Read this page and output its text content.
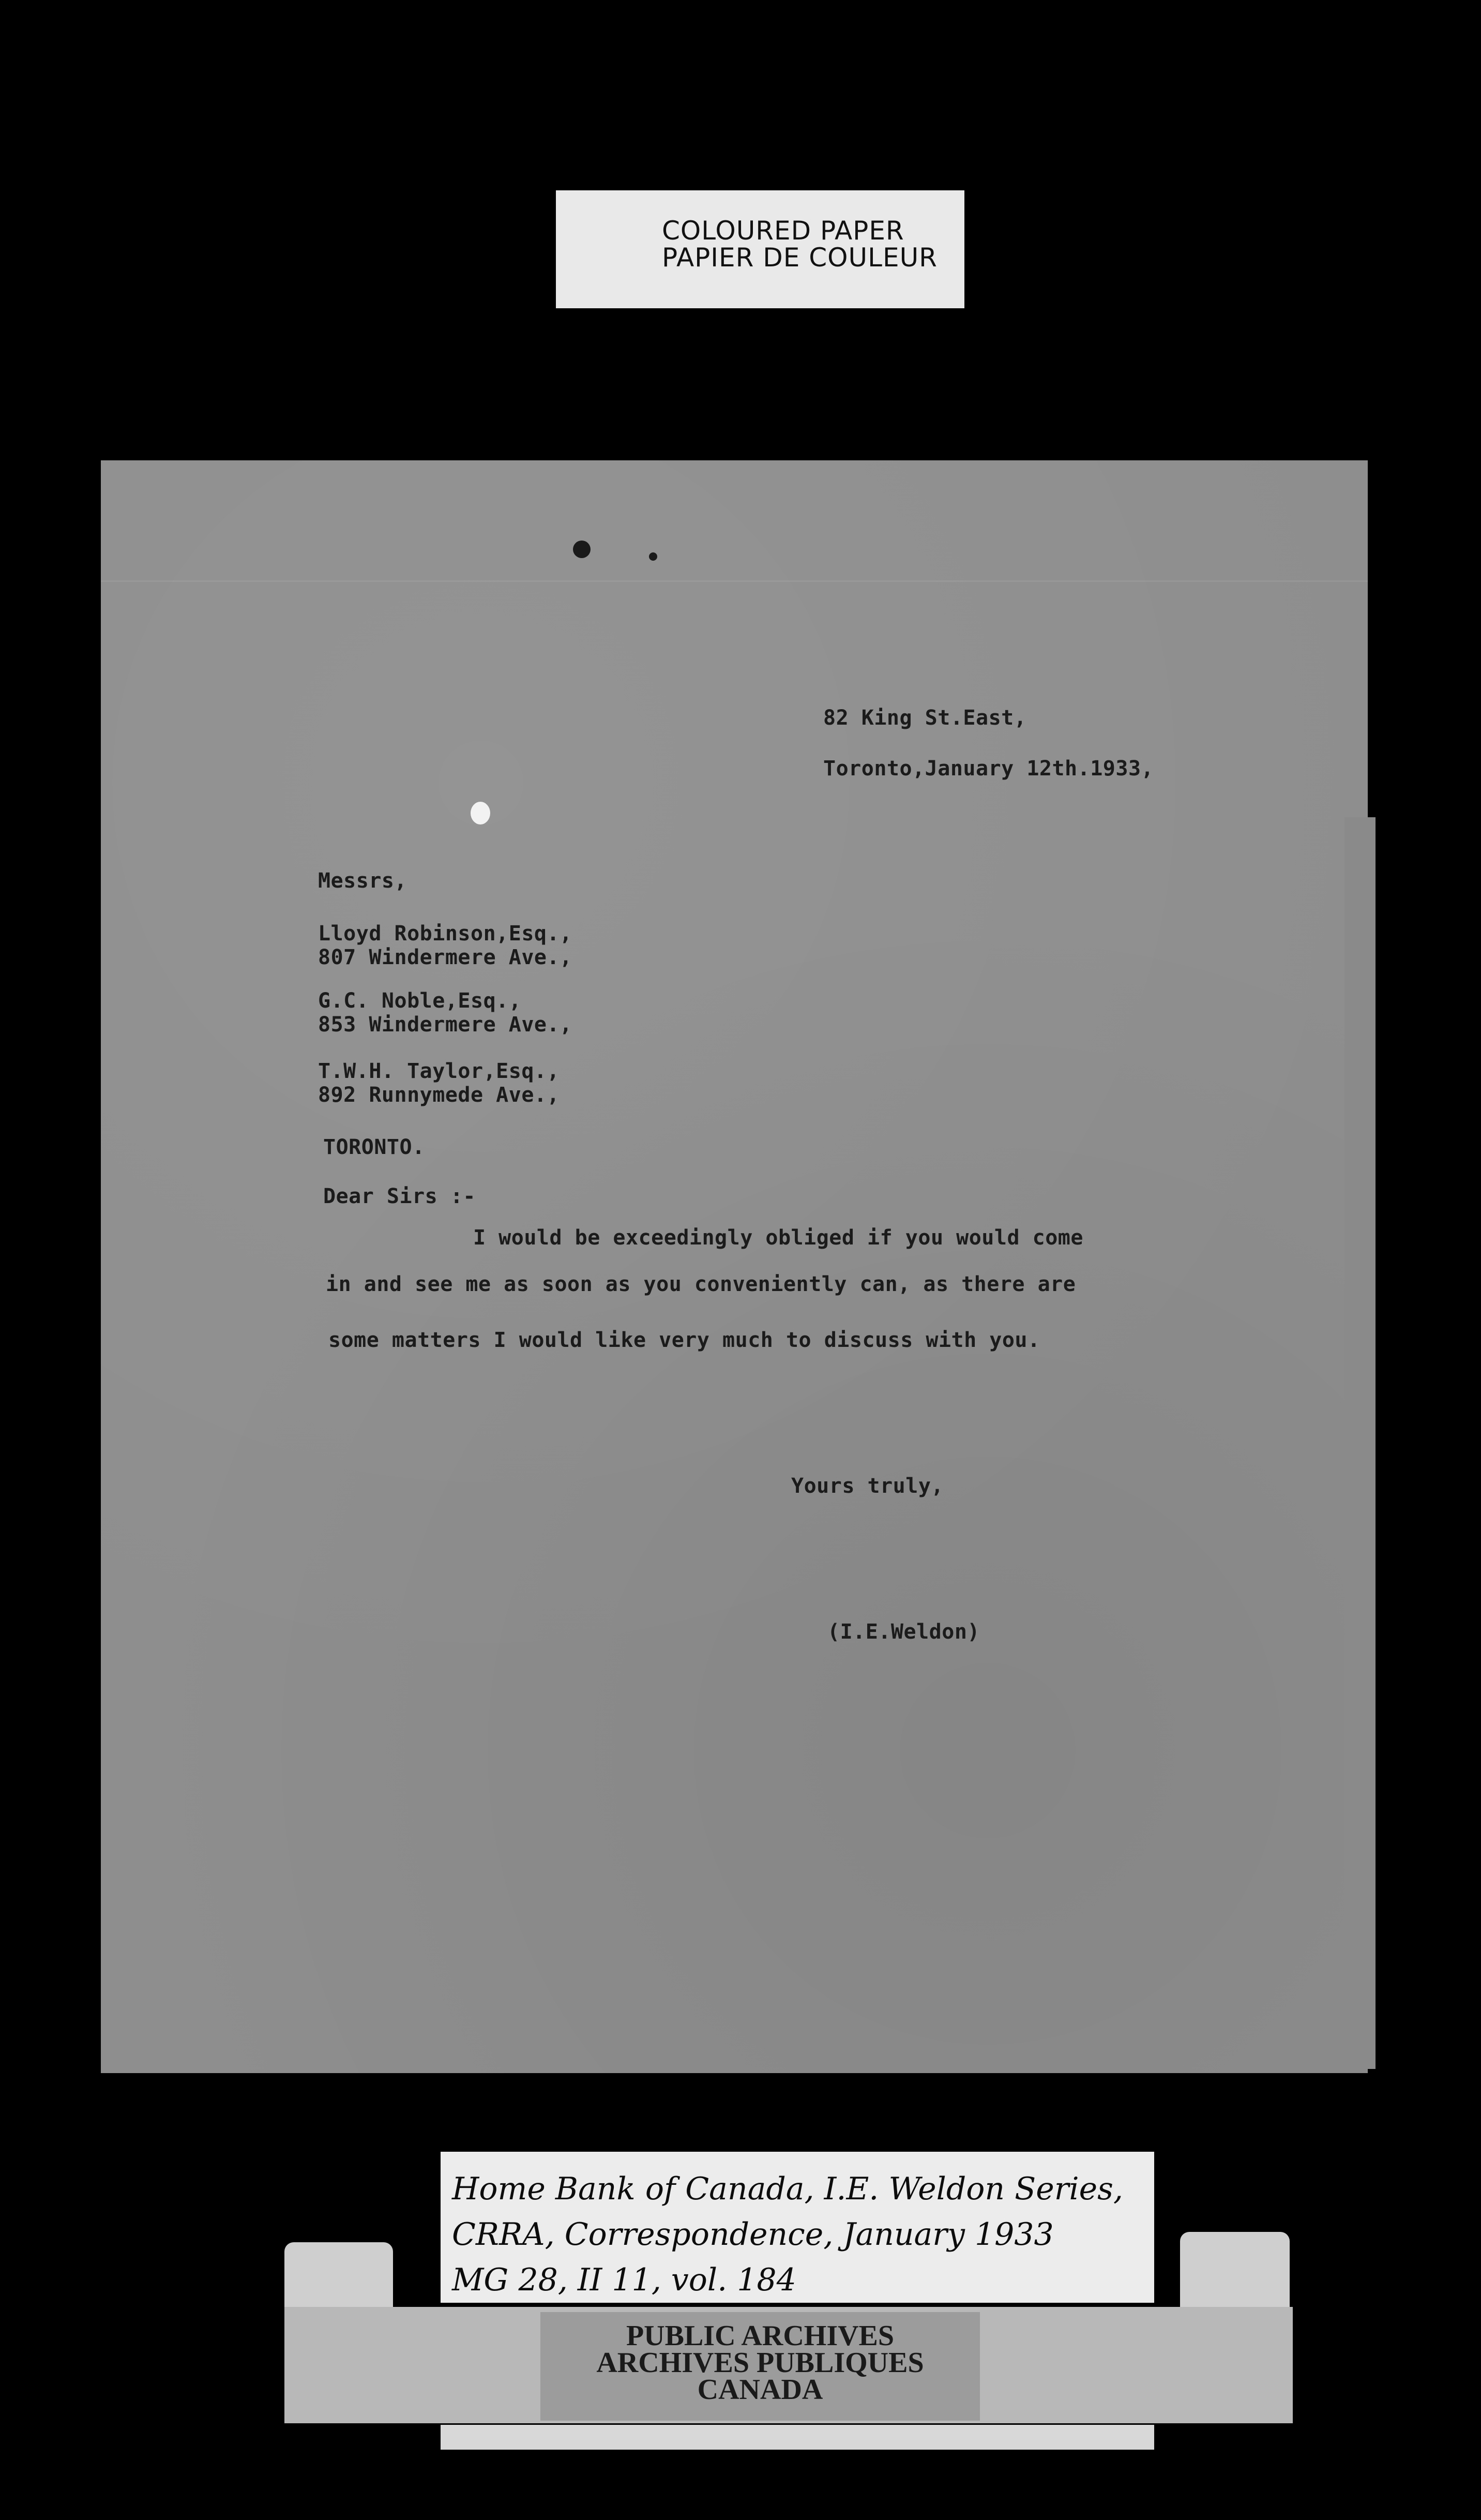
COLOURED PAPER
PAPIER DE COULEUR
82 King St.East,
Toronto,January 12th.1933,
Messrs,
Lloyd Robinson,Esq.,
807 Windermere Ave.,
G.C. Noble,Esq.,
853 Windermere Ave.,
T.W.H. Taylor,Esq.,
892 Runnymede Ave.,
TORONTO.
Dear Sirs :-
I would be exceedingly obliged if you would come
in and see me as soon as you conveniently can, as there are
some matters I would like very much to discuss with you.
Yours truly,
(I.E.Weldon)
Home Bank of Canada, I.E. Weldon Series,
CRRA, Correspondence, January 1933
MG 28, II 11, vol. 184
PUBLIC ARCHIVES
ARCHIVES PUBLIQUES
CANADA
